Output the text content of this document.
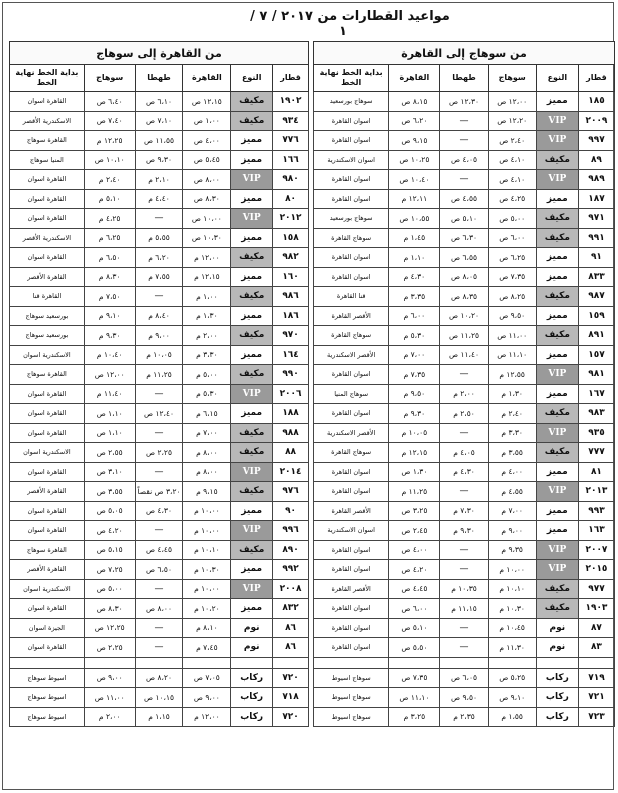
مواعيد القطارات من ٢٠١٧ / ٧ / ١
من سوهاج إلى القاهرة					
قطار	النوع	سوهاج	طهطا	القاهرة	بداية الخط نهاية الخط
١٨٥	مميز	١٢،٠٠ ص	١٢،٣٠ ص	٨،١٥ ص	سوهاج بورسعيد
٢٠٠٩	VIP	١٢،٢٠ ص	—	٦،٢٠ ص	اسوان القاهرة
٩٩٧	VIP	٢،٤٠ ص	—	٩،١٥ ص	اسوان القاهرة
٨٩	مكيف	٤،١٠ ص	٤،٠٥ ص	١٠،٢٥ ص	اسوان الاسكندرية
٩٨٩	VIP	٤،١٠ ص	—	١٠،٤٠ ص	اسوان القاهرة
١٨٧	مميز	٤،٢٥ ص	٤،٥٥ ص	١٢،١١ م	اسوان القاهرة
٩٧١	مكيف	٥،٠٠ ص	٥،١٠ ص	١٠،٥٥ ص	سوهاج بورسعيد
٩٩١	مكيف	٦،٠٠ ص	٦،٣٠ ص	١،٤٥ م	سوهاج القاهرة
٩١	مميز	٦،٢٥ ص	٦،٥٥ ص	١،١٠ م	اسوان القاهرة
٨٣٣	مميز	٧،٣٥ ص	٨،٠٥ ص	٤،٣٠ م	اسوان القاهرة
٩٨٧	مكيف	٨،٢٥ ص	٨،٣٥ ص	٣،٣٥ م	قنا القاهرة
١٥٩	مميز	٩،٥٠ ص	١٠،٢٠ ص	٦،٠٠ م	الأقصر القاهرة
٨٩١	مكيف	١١،٠٠ ص	١١،٢٥ ص	٥،٣٠ م	سوهاج القاهرة
١٥٧	مميز	١١،١٠ ص	١١،٤٠ ص	٧،٠٠ م	الأقصر الاسكندرية
٩٨١	VIP	١٢،٥٥ م	—	٧،٣٥ م	اسوان القاهرة
١٦٧	مميز	١،٣٠ م	٢،٠٠ م	٩،٥٠ م	سوهاج المنيا
٩٨٣	مكيف	٢،٤٠ م	٢،٥٠ م	٩،٣٠ م	اسوان القاهرة
٩٣٥	VIP	٣،٣٠ م	—	١٠،٠٥ م	الأقصر الاسكندرية
٧٧٧	مكيف	٣،٥٥ م	٤،٠٥ م	١٢،١٥ م	سوهاج القاهرة
٨١	مميز	٤،٠٠ م	٤،٣٠ م	١،٣٠ ص	اسوان القاهرة
٢٠١٣	VIP	٤،٥٥ م	—	١١،٢٥ م	اسوان القاهرة
٩٩٣	مميز	٧،٠٠ م	٧،٣٠ م	٣،٢٥ ص	الأقصر القاهرة
١٦٣	مميز	٩،٠٠ م	٩،٣٠ م	٢،٤٥ ص	اسوان الاسكندرية
٢٠٠٧	VIP	٩،٣٥ م	—	٤،٠٠ ص	اسوان القاهرة
٢٠١٥	VIP	١٠،٠٠ م	—	٤،٢٠ ص	اسوان القاهرة
٩٧٧	مكيف	١٠،١٠ م	١٠،٣٥ م	٤،٤٥ ص	الأقصر القاهرة
١٩٠٣	مكيف	١٠،٣٠ م	١١،١٥ م	٦،٠٠ ص	اسوان القاهرة
٨٧	نوم	١٠،٤٥ م	—	٥،١٠ ص	اسوان القاهرة
٨٣	نوم	١١،٣٠ م	—	٥،٥٠ ص	اسوان القاهرة

٧١٩	ركاب	٥،٢٥ ص	٦،٠٥ ص	٧،٣٥ ص	سوهاج اسيوط
٧٢١	ركاب	٩،١٠ ص	٩،٥٠ ص	١١،١٠ ص	سوهاج اسيوط
٧٢٣	ركاب	١،٥٥ م	٢،٣٥ م	٣،٢٥ م	سوهاج اسيوط
من القاهرة إلى سوهاج					
قطار	النوع	القاهرة	طهطا	سوهاج	بداية الخط نهاية الخط
١٩٠٢	مكيف	١٢،١٥ ص	٦،١٠ ص	٦،٤٠ ص	القاهرة اسوان
٩٣٤	مكيف	١،٠٠ ص	٧،١٠ ص	٧،٤٠ ص	الاسكندرية الأقصر
٧٧٦	مميز	٤،٠٠ ص	١١،٥٥ ص	١٢،٢٥ م	القاهرة سوهاج
١٦٦	مميز	٥،٤٥ ص	٩،٣٠ ص	١٠،١٠ ص	المنيا سوهاج
٩٨٠	VIP	٨،٠٠ ص	٢،١٠ م	٢،٤٠ م	القاهرة اسوان
٨٠	مميز	٨،٣٠ ص	٤،٤٠ م	٥،١٠ م	القاهرة اسوان
٢٠١٢	VIP	١٠،٠٠ ص	—	٤،٢٥ م	القاهرة اسوان
١٥٨	مميز	١٠،٣٠ ص	٥،٥٥ م	٦،٢٥ م	الاسكندرية الأقصر
٩٨٢	مكيف	١٢،٠٠ م	٦،٢٠ م	٦،٥٠ م	القاهرة اسوان
١٦٠	مميز	١٢،١٥ م	٧،٥٥ م	٨،٣٠ م	القاهرة الأقصر
٩٨٦	مكيف	١،٠٠ م	—	٧،٥٠ م	القاهرة قنا
١٨٦	مميز	١،٣٠ م	٨،٤٠ م	٩،١٠ م	بورسعيد سوهاج
٩٧٠	مكيف	٢،٠٠ م	٩،٠٠ م	٩،٣٠ م	بورسعيد سوهاج
١٦٤	مميز	٣،٣٠ م	١٠،٠٥ م	١٠،٤٠ م	الاسكندرية اسوان
٩٩٠	مكيف	٥،٠٠ م	١١،٢٥ م	١٢،٠٠ ص	القاهرة سوهاج
٢٠٠٦	VIP	٥،٣٠ م	—	١١،٤٠ م	القاهرة اسوان
١٨٨	مميز	٦،١٥ م	١٢،٤٠ ص	١،١٠ ص	القاهرة اسوان
٩٨٨	مكيف	٧،٠٠ م	—	١،١٠ ص	القاهرة اسوان
٨٨	مكيف	٨،٠٠ م	٢،٢٥ ص	٢،٥٥ ص	الاسكندرية اسوان
٢٠١٤	VIP	٨،٠٠ م	—	٣،١٠ ص	القاهرة اسوان
٩٧٦	مكيف	٩،١٥ م	٣،٢٠ ص نقصاً	٣،٥٥ ص	القاهرة الأقصر
٩٠	مميز	١٠،٠٠ م	٤،٣٠ ص	٥،٠٥ ص	القاهرة اسوان
٩٩٦	VIP	١٠،٠٠ م	—	٤،٢٠ ص	القاهرة اسوان
٨٩٠	مكيف	١٠،١٠ م	٤،٤٥ ص	٥،١٥ ص	القاهرة سوهاج
٩٩٢	مميز	١٠،٣٠ م	٦،٥٠ ص	٧،٢٥ ص	القاهرة الأقصر
٢٠٠٨	VIP	١٠،٠٠ م	—	٥،٠٠ ص	الاسكندرية اسوان
٨٣٢	مميز	١٠،٢٠ م	٨،٠٠ ص	٨،٣٠ ص	القاهرة اسوان
٨٦	نوم	٨،١٠ م	—	١٢،٢٥ ص	الجيزة اسوان
٨٦	نوم	٧،٤٥ م	—	٢،٢٥ ص	القاهرة اسوان

٧٢٠	ركاب	٧،٠٥ ص	٨،٢٠ ص	٩،٠٠ ص	اسيوط سوهاج
٧١٨	ركاب	٩،٠٠ ص	١٠،١٥ ص	١١،٠٠ ص	اسيوط سوهاج
٧٢٠	ركاب	١٢،٠٠ م	١،١٥ م	٢،٠٠ م	اسيوط سوهاج
